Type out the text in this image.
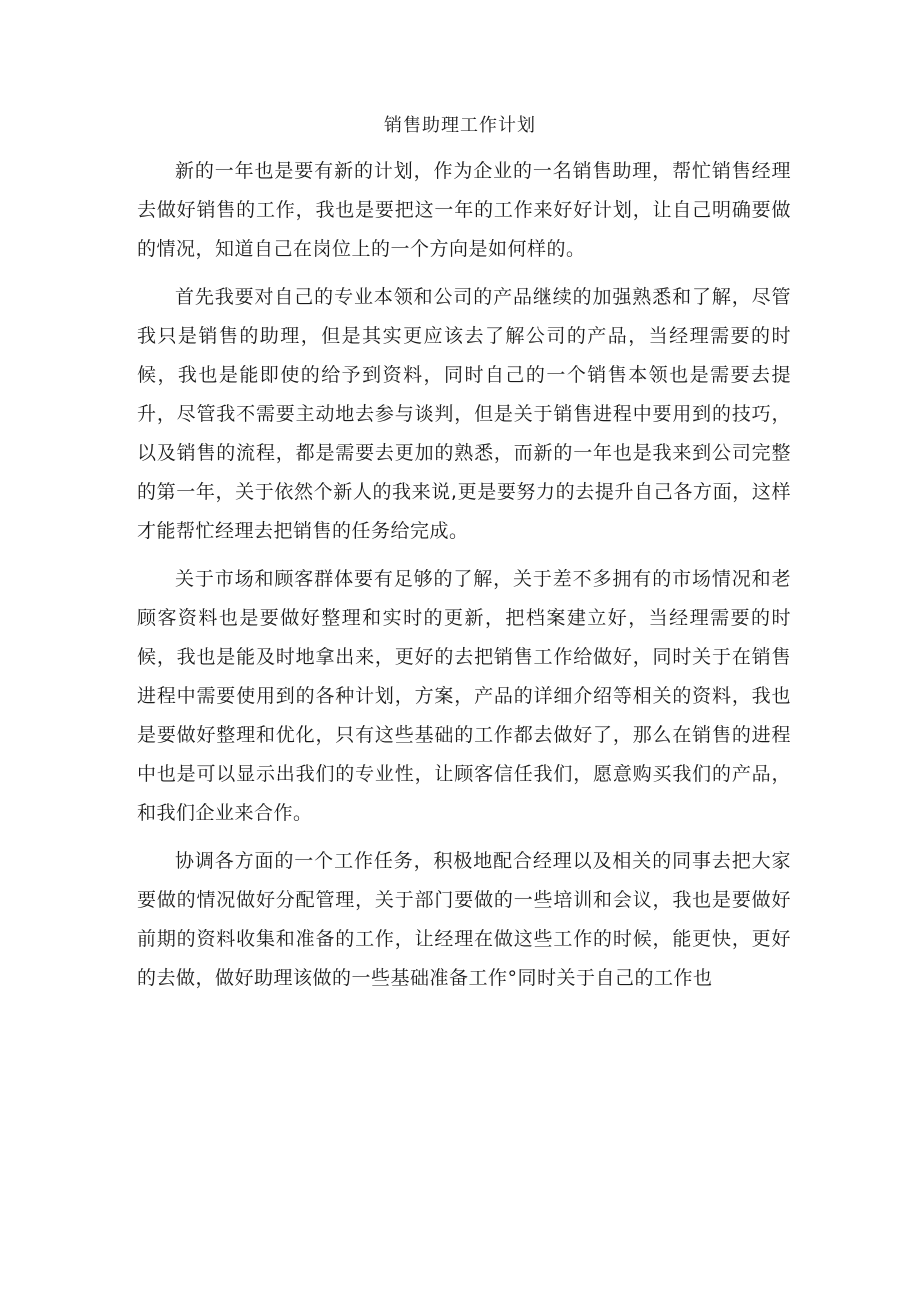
销售助理工作计划

新的一年也是要有新的计划，作为企业的一名销售助理，帮忙销售经理去做好销售的工作，我也是要把这一年的工作来好好计划，让自己明确要做的情况，知道自己在岗位上的一个方向是如何样的。

首先我要对自己的专业本领和公司的产品继续的加强熟悉和了解，尽管我只是销售的助理，但是其实更应该去了解公司的产品，当经理需要的时候，我也是能即使的给予到资料，同时自己的一个销售本领也是需要去提升，尽管我不需要主动地去参与谈判，但是关于销售进程中要用到的技巧，以及销售的流程，都是需要去更加的熟悉，而新的一年也是我来到公司完整的第一年，关于依然个新人的我来说,更是要努力的去提升自己各方面，这样才能帮忙经理去把销售的任务给完成。

关于市场和顾客群体要有足够的了解，关于差不多拥有的市场情况和老顾客资料也是要做好整理和实时的更新，把档案建立好，当经理需要的时候，我也是能及时地拿出来，更好的去把销售工作给做好，同时关于在销售进程中需要使用到的各种计划，方案，产品的详细介绍等相关的资料，我也是要做好整理和优化，只有这些基础的工作都去做好了，那么在销售的进程中也是可以显示出我们的专业性，让顾客信任我们，愿意购买我们的产品，和我们企业来合作。

协调各方面的一个工作任务，积极地配合经理以及相关的同事去把大家要做的情况做好分配管理，关于部门要做的一些培训和会议，我也是要做好前期的资料收集和准备的工作，让经理在做这些工作的时候，能更快，更好的去做，做好助理该做的一些基础准备工作°同时关于自己的工作也
